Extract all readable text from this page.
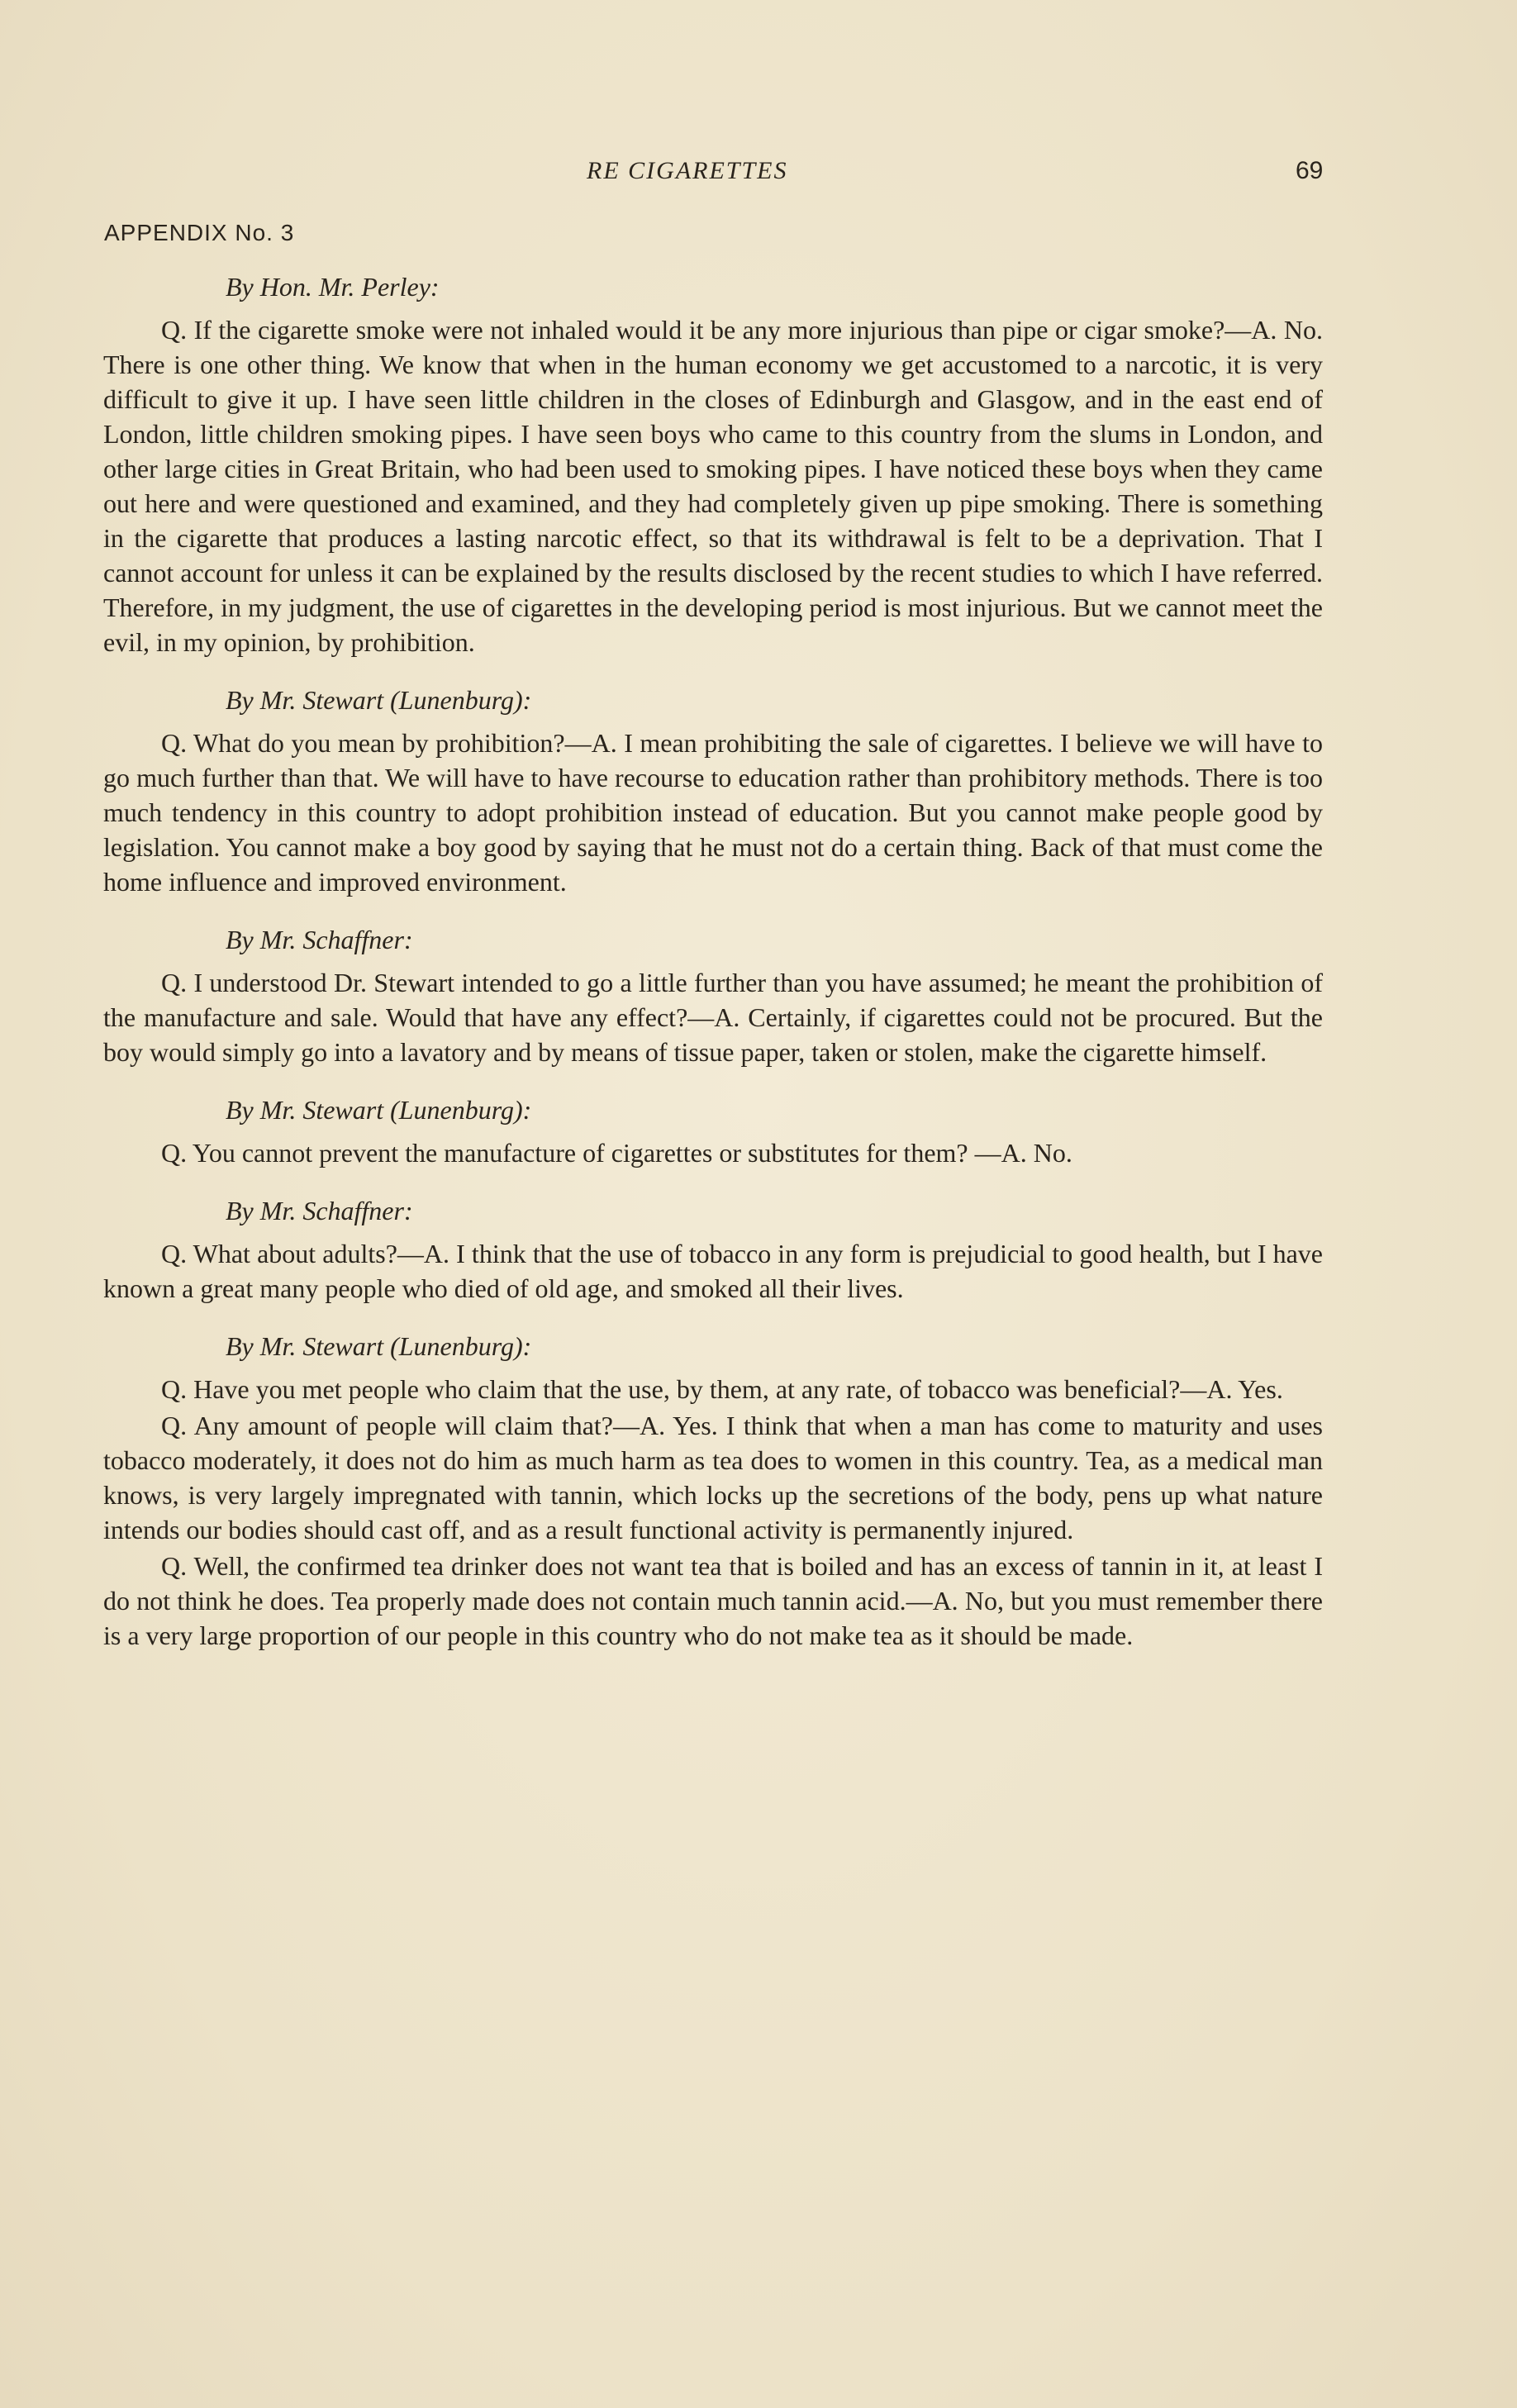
RE CIGARETTES	69
APPENDIX No. 3
By Hon. Mr. Perley:

Q. If the cigarette smoke were not inhaled would it be any more injurious than pipe or cigar smoke?—A. No. There is one other thing. We know that when in the human economy we get accustomed to a narcotic, it is very difficult to give it up. I have seen little children in the closes of Edinburgh and Glasgow, and in the east end of London, little children smoking pipes. I have seen boys who came to this country from the slums in London, and other large cities in Great Britain, who had been used to smoking pipes. I have noticed these boys when they came out here and were questioned and examined, and they had completely given up pipe smoking. There is something in the cigarette that produces a lasting narcotic effect, so that its withdrawal is felt to be a deprivation. That I cannot account for unless it can be explained by the results disclosed by the recent studies to which I have referred. Therefore, in my judgment, the use of cigarettes in the developing period is most injurious. But we cannot meet the evil, in my opinion, by prohibition.

By Mr. Stewart (Lunenburg):

Q. What do you mean by prohibition?—A. I mean prohibiting the sale of cigarettes. I believe we will have to go much further than that. We will have to have recourse to education rather than prohibitory methods. There is too much tendency in this country to adopt prohibition instead of education. But you cannot make people good by legislation. You cannot make a boy good by saying that he must not do a certain thing. Back of that must come the home influence and improved environment.

By Mr. Schaffner:

Q. I understood Dr. Stewart intended to go a little further than you have assumed; he meant the prohibition of the manufacture and sale. Would that have any effect?—A. Certainly, if cigarettes could not be procured. But the boy would simply go into a lavatory and by means of tissue paper, taken or stolen, make the cigarette himself.

By Mr. Stewart (Lunenburg):

Q. You cannot prevent the manufacture of cigarettes or substitutes for them? —A. No.

By Mr. Schaffner:

Q. What about adults?—A. I think that the use of tobacco in any form is prejudicial to good health, but I have known a great many people who died of old age, and smoked all their lives.

By Mr. Stewart (Lunenburg):

Q. Have you met people who claim that the use, by them, at any rate, of tobacco was beneficial?—A. Yes.

Q. Any amount of people will claim that?—A. Yes. I think that when a man has come to maturity and uses tobacco moderately, it does not do him as much harm as tea does to women in this country. Tea, as a medical man knows, is very largely impregnated with tannin, which locks up the secretions of the body, pens up what nature intends our bodies should cast off, and as a result functional activity is permanently injured.

Q. Well, the confirmed tea drinker does not want tea that is boiled and has an excess of tannin in it, at least I do not think he does. Tea properly made does not contain much tannin acid.—A. No, but you must remember there is a very large proportion of our people in this country who do not make tea as it should be made.
